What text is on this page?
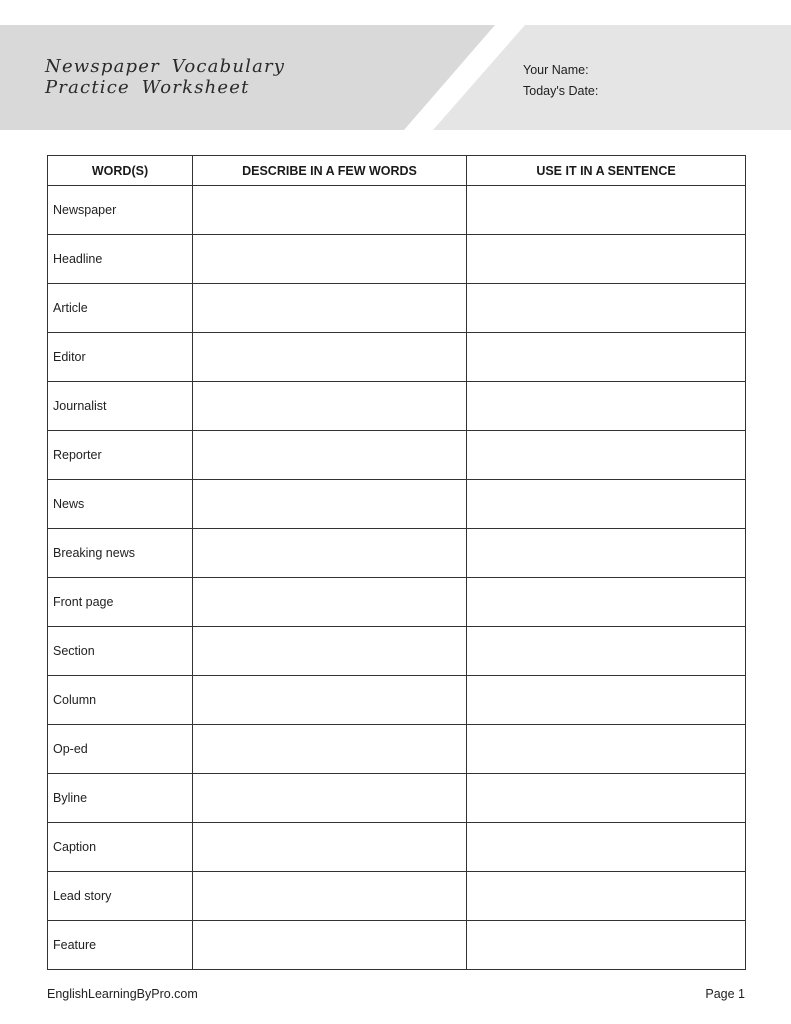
Newspaper Vocabulary
Practice Worksheet
Your Name:
Today's Date:
WORD(S)	DESCRIBE IN A FEW WORDS	USE IT IN A SENTENCE
Newspaper		
Headline		
Article		
Editor		
Journalist		
Reporter		
News		
Breaking news		
Front page		
Section		
Column		
Op-ed		
Byline		
Caption		
Lead story		
Feature		
EnglishLearningByPro.com	Page 1
